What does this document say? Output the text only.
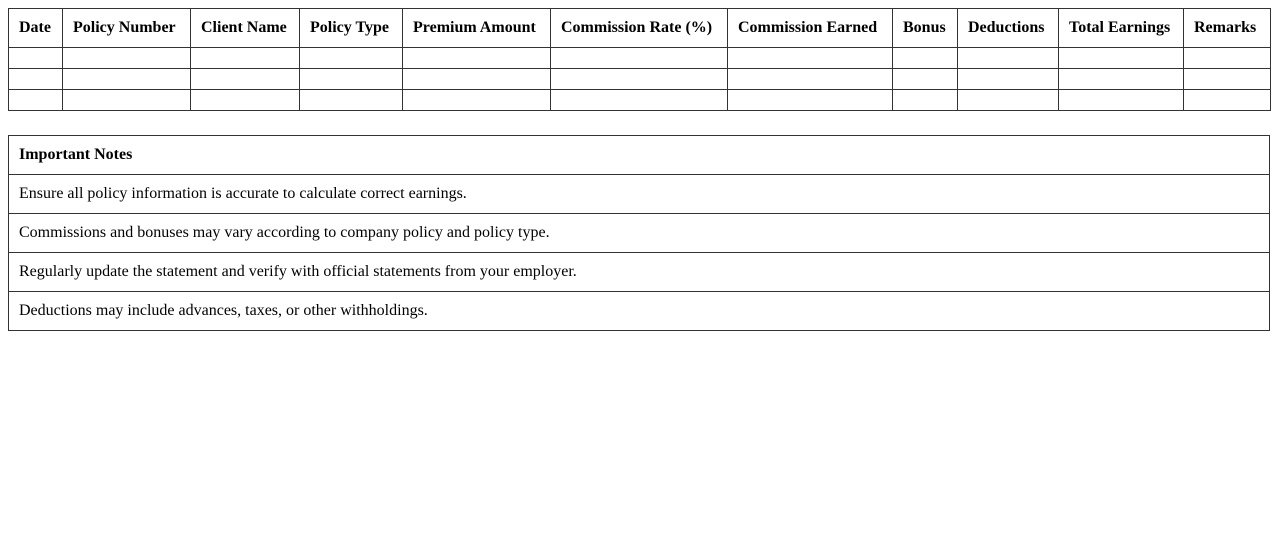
Date	Policy Number	Client Name	Policy Type	Premium Amount	Commission Rate (%)	Commission Earned	Bonus	Deductions	Total Earnings	Remarks

Important Notes
Ensure all policy information is accurate to calculate correct earnings.
Commissions and bonuses may vary according to company policy and policy type.
Regularly update the statement and verify with official statements from your employer.
Deductions may include advances, taxes, or other withholdings.
